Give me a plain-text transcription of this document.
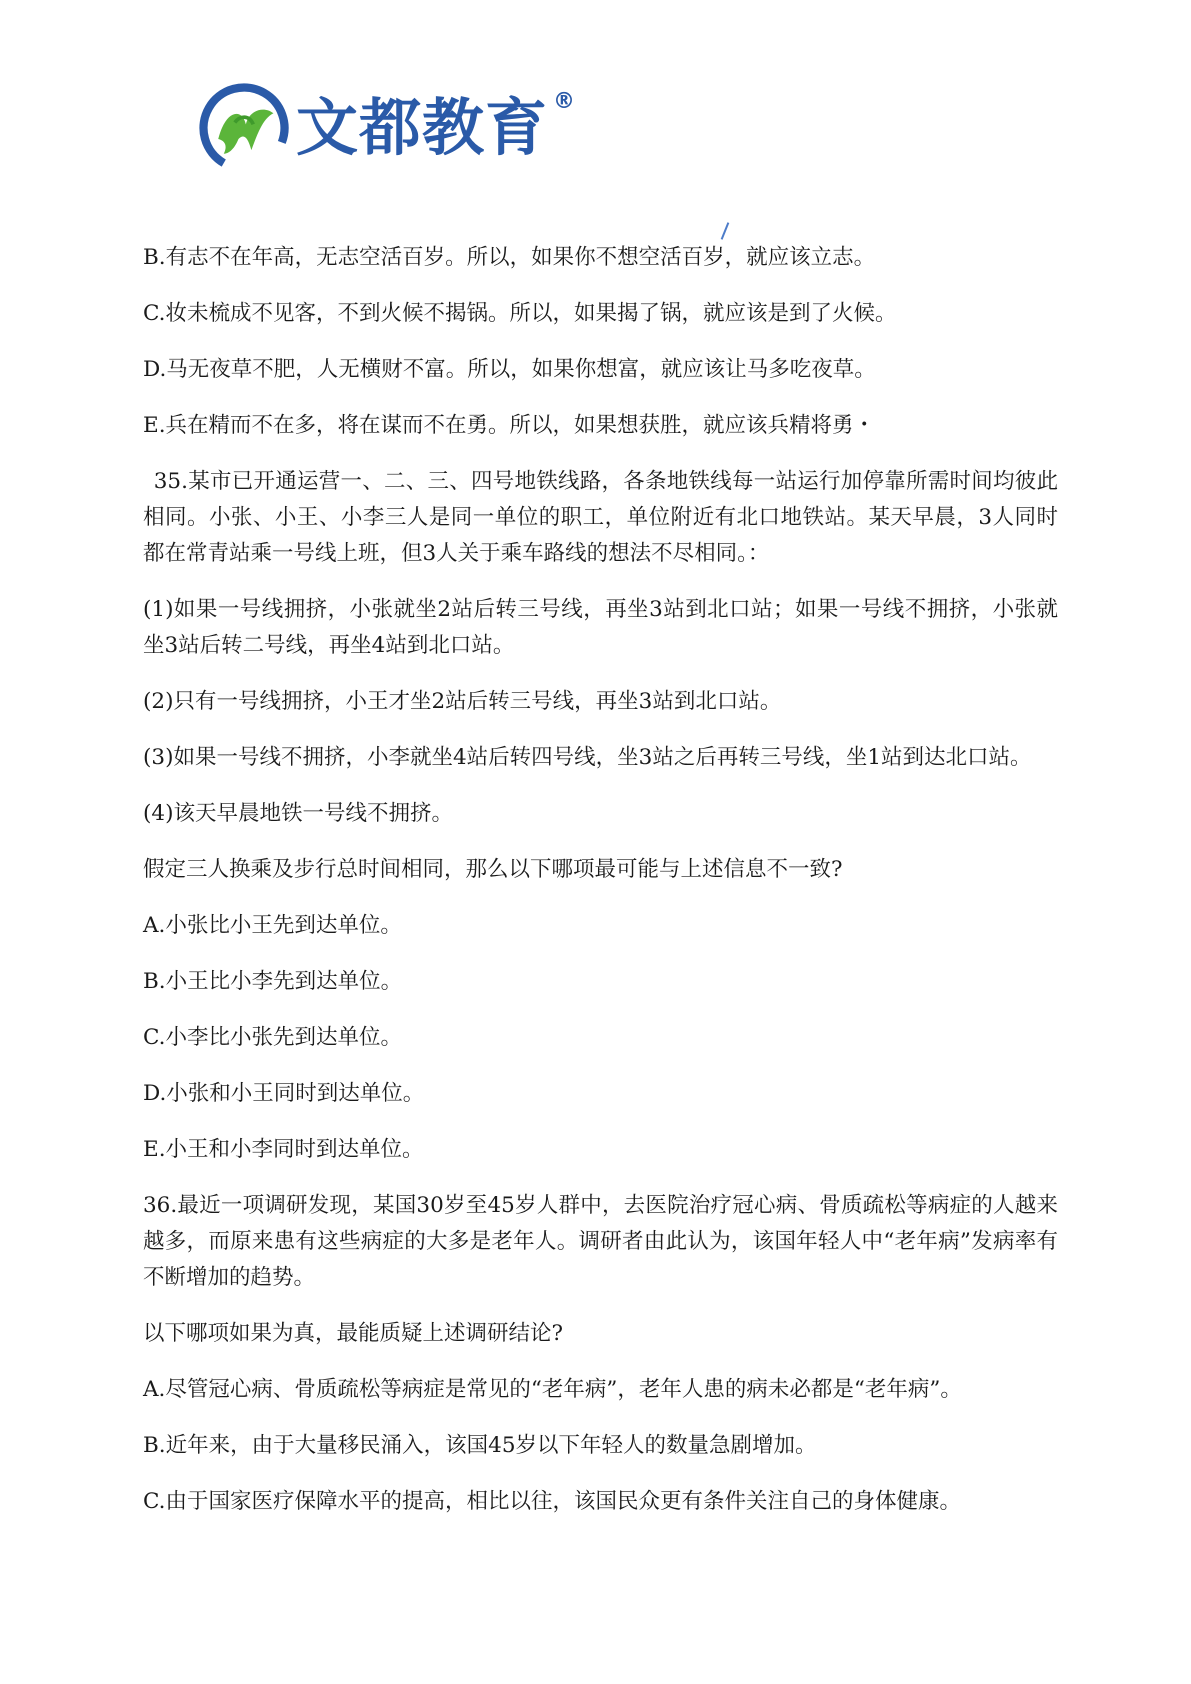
文都教育 ®

B.有志不在年高，无志空活百岁。所以，如果你不想空活百岁，就应该立志。

C.妆未梳成不见客，不到火候不揭锅。所以，如果揭了锅，就应该是到了火候。

D.马无夜草不肥，人无横财不富。所以，如果你想富，就应该让马多吃夜草。

E.兵在精而不在多，将在谋而不在勇。所以，如果想获胜，就应该兵精将勇・

35.某市已开通运营一、二、三、四号地铁线路，各条地铁线每一站运行加停靠所需时间均彼此相同。小张、小王、小李三人是同一单位的职工，单位附近有北口地铁站。某天早晨，3人同时都在常青站乘一号线上班，但3人关于乘车路线的想法不尽相同。：

(1)如果一号线拥挤，小张就坐2站后转三号线，再坐3站到北口站；如果一号线不拥挤，小张就坐3站后转二号线，再坐4站到北口站。

(2)只有一号线拥挤，小王才坐2站后转三号线，再坐3站到北口站。

(3)如果一号线不拥挤，小李就坐4站后转四号线，坐3站之后再转三号线，坐1站到达北口站。

(4)该天早晨地铁一号线不拥挤。

假定三人换乘及步行总时间相同，那么以下哪项最可能与上述信息不一致?

A.小张比小王先到达单位。

B.小王比小李先到达单位。

C.小李比小张先到达单位。

D.小张和小王同时到达单位。

E.小王和小李同时到达单位。

36.最近一项调研发现，某国30岁至45岁人群中，去医院治疗冠心病、骨质疏松等病症的人越来越多，而原来患有这些病症的大多是老年人。调研者由此认为，该国年轻人中“老年病”发病率有不断增加的趋势。

以下哪项如果为真，最能质疑上述调研结论?

A.尽管冠心病、骨质疏松等病症是常见的“老年病”，老年人患的病未必都是“老年病”。

B.近年来，由于大量移民涌入，该国45岁以下年轻人的数量急剧增加。

C.由于国家医疗保障水平的提高，相比以往，该国民众更有条件关注自己的身体健康。
